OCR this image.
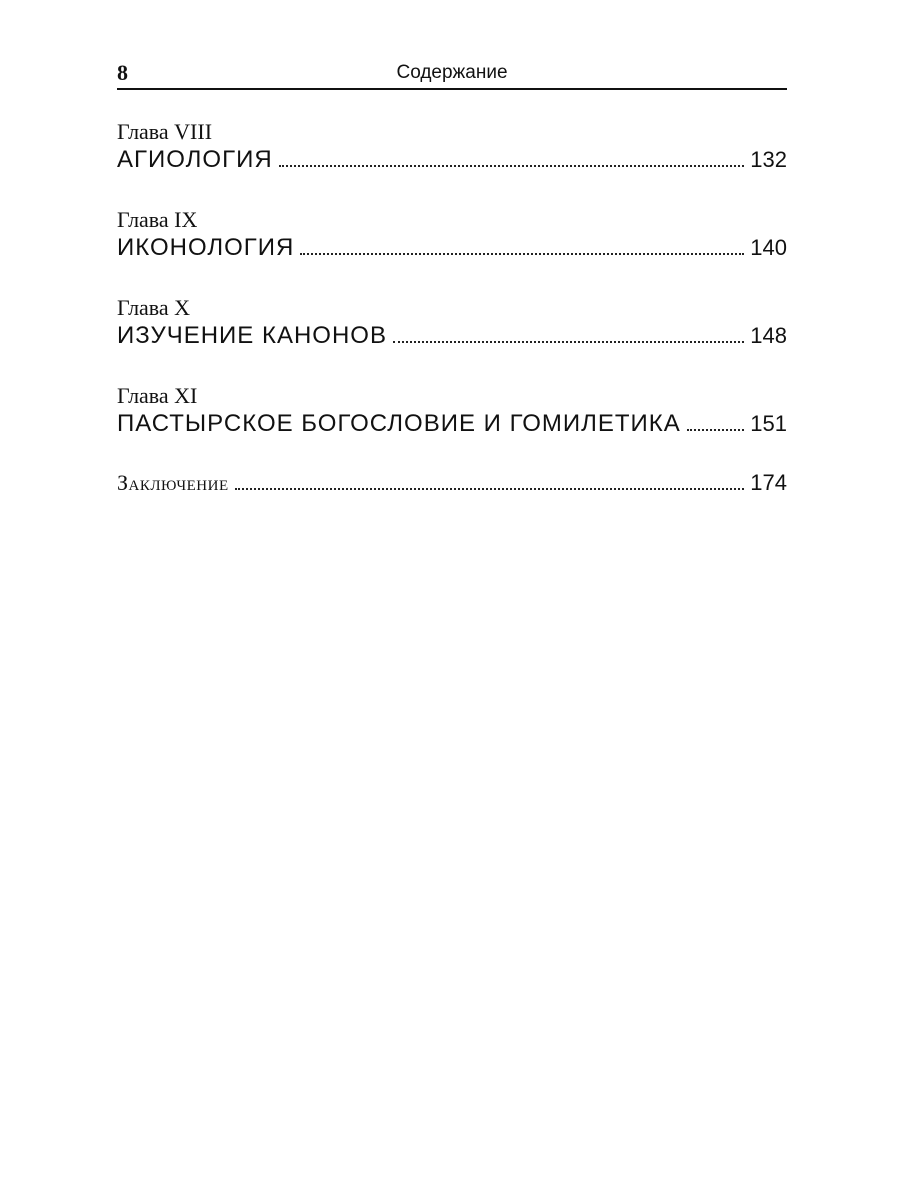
8	Содержание
Глава VIII
АГИОЛОГИЯ	132
Глава IX
ИКОНОЛОГИЯ	140
Глава X
ИЗУЧЕНИЕ КАНОНОВ	148
Глава XI
ПАСТЫРСКОЕ БОГОСЛОВИЕ И ГОМИЛЕТИКА	151
Заключение	174
